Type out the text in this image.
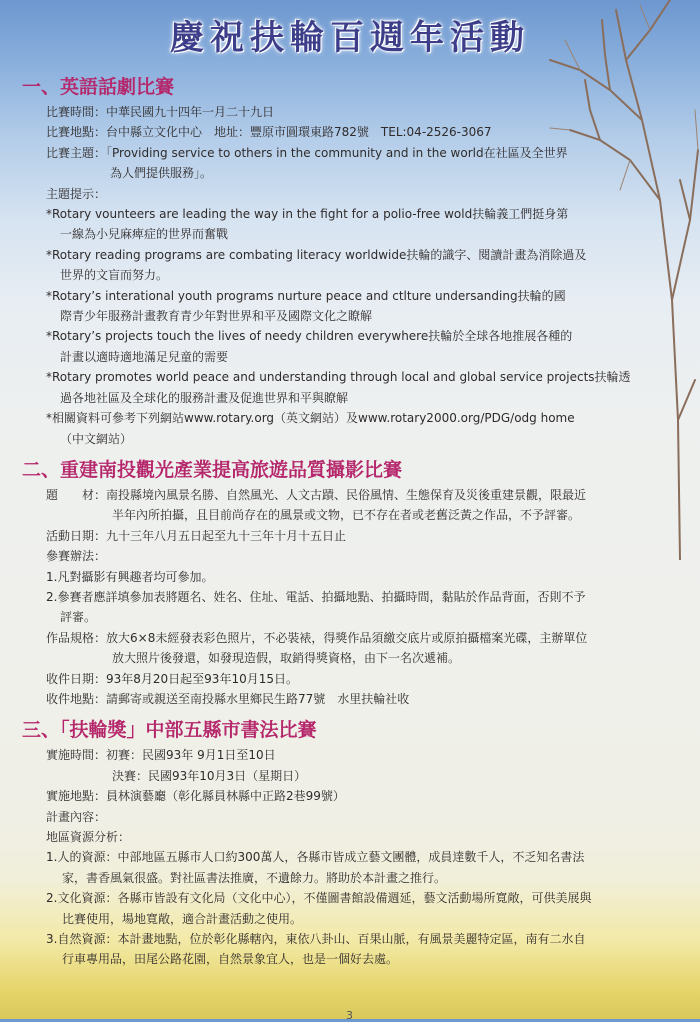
慶祝扶輪百週年活動
一、英語話劇比賽
比賽時間：中華民國九十四年一月二十九日
比賽地點：台中縣立文化中心　地址：豐原市圓環東路782號　TEL:04-2526-3067
比賽主題：「Providing service to others in the community and in the world在社區及全世界
為人們提供服務」。
主題提示：
*Rotary vounteers are leading the way in the fight for a polio-free wold扶輪義工們挺身第
一線為小兒麻痺症的世界而奮戰
*Rotary reading programs are combating literacy worldwide扶輪的識字、閱讀計畫為消除過及
世界的文盲而努力。
*Rotary’s interational youth programs nurture peace and ctlture undersanding扶輪的國
際青少年服務計畫教育青少年對世界和平及國際文化之瞭解
*Rotary’s projects touch the lives of needy children everywhere扶輪於全球各地推展各種的
計畫以適時適地滿足兒童的需要
*Rotary promotes world peace and understanding through local and global service projects扶輪透
過各地社區及全球化的服務計畫及促進世界和平與瞭解
*相關資料可參考下列網站www.rotary.org（英文網站）及www.rotary2000.org/PDG/odg home
（中文網站）
二、重建南投觀光產業提高旅遊品質攝影比賽
題　　材：南投縣境內風景名勝、自然風光、人文古蹟、民俗風情、生態保育及災後重建景觀，限最近
半年內所拍攝，且目前尚存在的風景或文物，已不存在者或老舊泛黃之作品，不予評審。
活動日期：九十三年八月五日起至九十三年十月十五日止
參賽辦法：
1.凡對攝影有興趣者均可參加。
2.參賽者應詳填參加表將題名、姓名、住址、電話、拍攝地點、拍攝時間，黏貼於作品背面，否則不予
評審。
作品規格：放大6×8未經發表彩色照片，不必裝裱，得獎作品須繳交底片或原拍攝檔案光碟，主辦單位
放大照片後發還，如發現造假，取銷得獎資格，由下一名次遞補。
收件日期：93年8月20日起至93年10月15日。
收件地點：請郵寄或親送至南投縣水里鄉民生路77號　水里扶輪社收
三、「扶輪獎」中部五縣市書法比賽
實施時間：初賽：民國93年 9月1日至10日
決賽：民國93年10月3日（星期日）
實施地點：員林演藝廳（彰化縣員林縣中正路2巷99號）
計畫內容：
地區資源分析：
1.人的資源：中部地區五縣市人口約300萬人，各縣市皆成立藝文團體，成員達數千人，不乏知名書法
家，書香風氣很盛。對社區書法推廣，不遺餘力。將助於本計畫之推行。
2.文化資源：各縣市皆設有文化局（文化中心），不僅圖書館設備週延，藝文活動場所寬敞，可供美展與
比賽使用，場地寬敞，適合計畫活動之使用。
3.自然資源：本計畫地點，位於彰化縣轄內，東依八卦山、百果山脈，有風景美麗特定區，南有二水自
行車專用品，田尾公路花園，自然景象宜人，也是一個好去處。
3
